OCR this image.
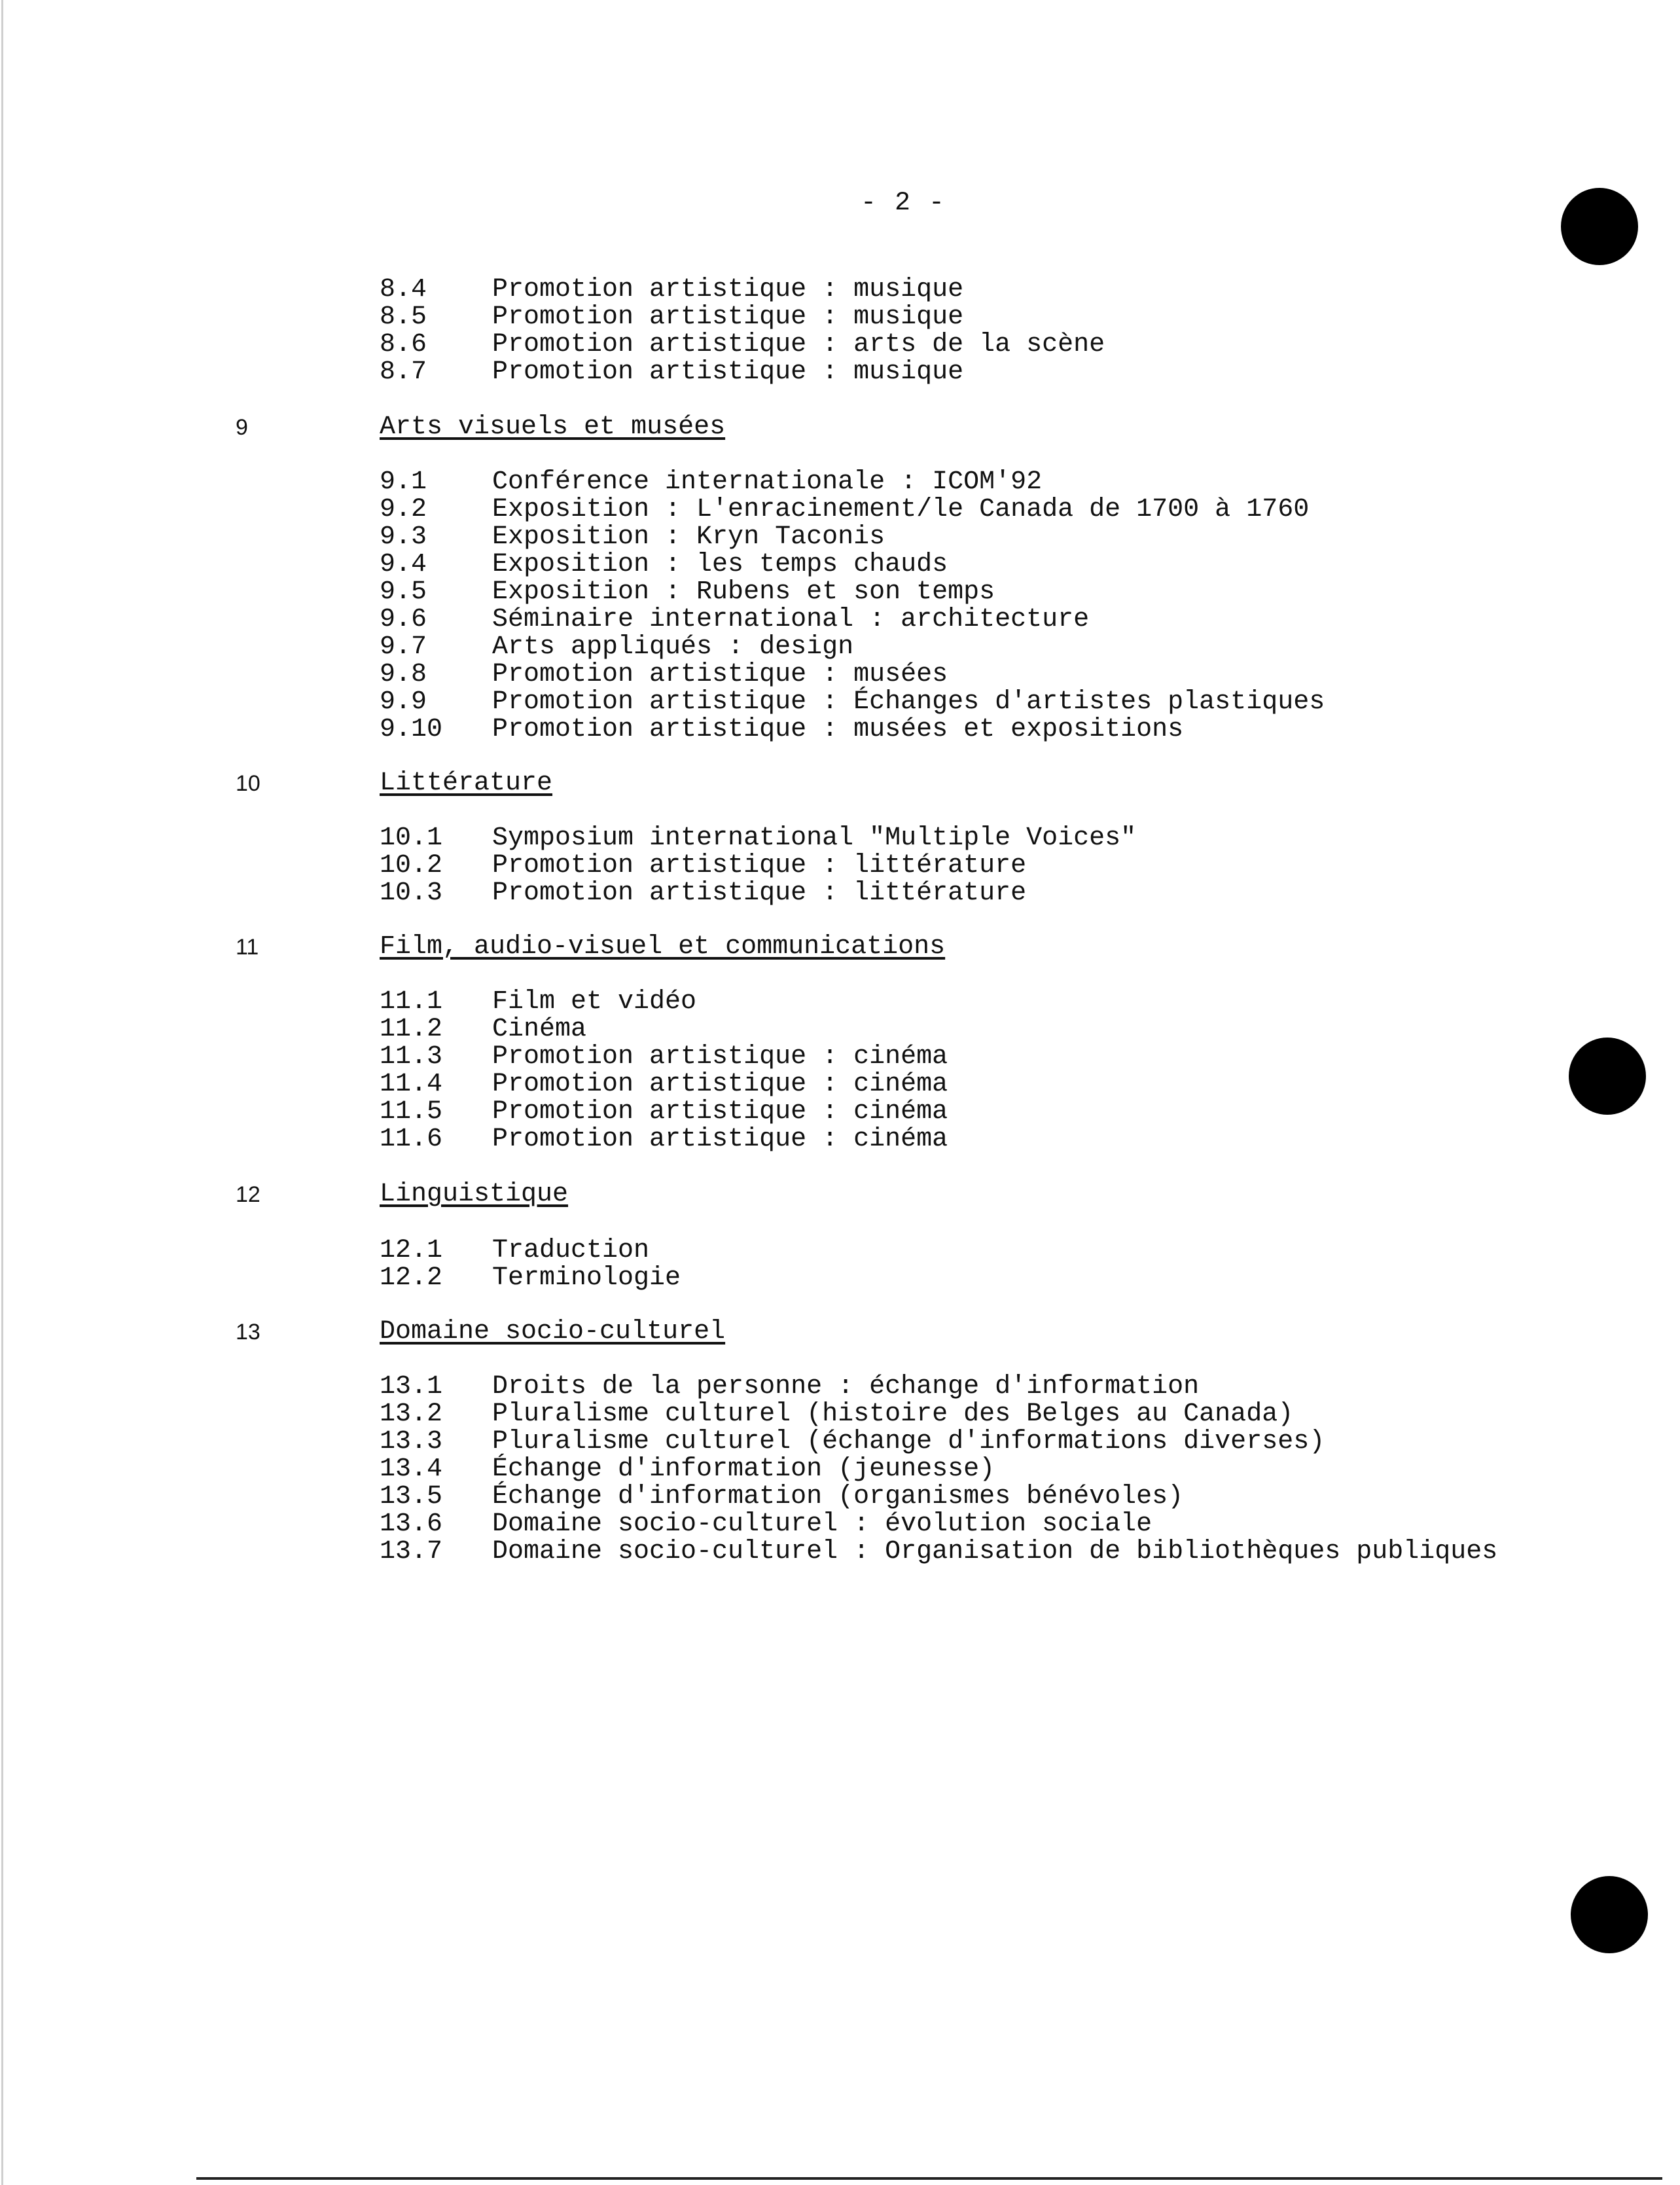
- 2 -
8.4 Promotion artistique : musique
8.5 Promotion artistique : musique
8.6 Promotion artistique : arts de la scène
8.7 Promotion artistique : musique
9	Arts visuels et musées
9.1 Conférence internationale : ICOM'92
9.2 Exposition : L'enracinement/le Canada de 1700 à 1760
9.3 Exposition : Kryn Taconis
9.4 Exposition : les temps chauds
9.5 Exposition : Rubens et son temps
9.6 Séminaire international : architecture
9.7 Arts appliqués : design
9.8 Promotion artistique : musées
9.9 Promotion artistique : Échanges d'artistes plastiques
9.10 Promotion artistique : musées et expositions
10	Littérature
10.1 Symposium international "Multiple Voices"
10.2 Promotion artistique : littérature
10.3 Promotion artistique : littérature
11	Film, audio-visuel et communications
11.1 Film et vidéo
11.2 Cinéma
11.3 Promotion artistique : cinéma
11.4 Promotion artistique : cinéma
11.5 Promotion artistique : cinéma
11.6 Promotion artistique : cinéma
12	Linguistique
12.1 Traduction
12.2 Terminologie
13	Domaine socio-culturel
13.1 Droits de la personne : échange d'information
13.2 Pluralisme culturel (histoire des Belges au Canada)
13.3 Pluralisme culturel (échange d'informations diverses)
13.4 Échange d'information (jeunesse)
13.5 Échange d'information (organismes bénévoles)
13.6 Domaine socio-culturel : évolution sociale
13.7 Domaine socio-culturel : Organisation de bibliothèques publiques
